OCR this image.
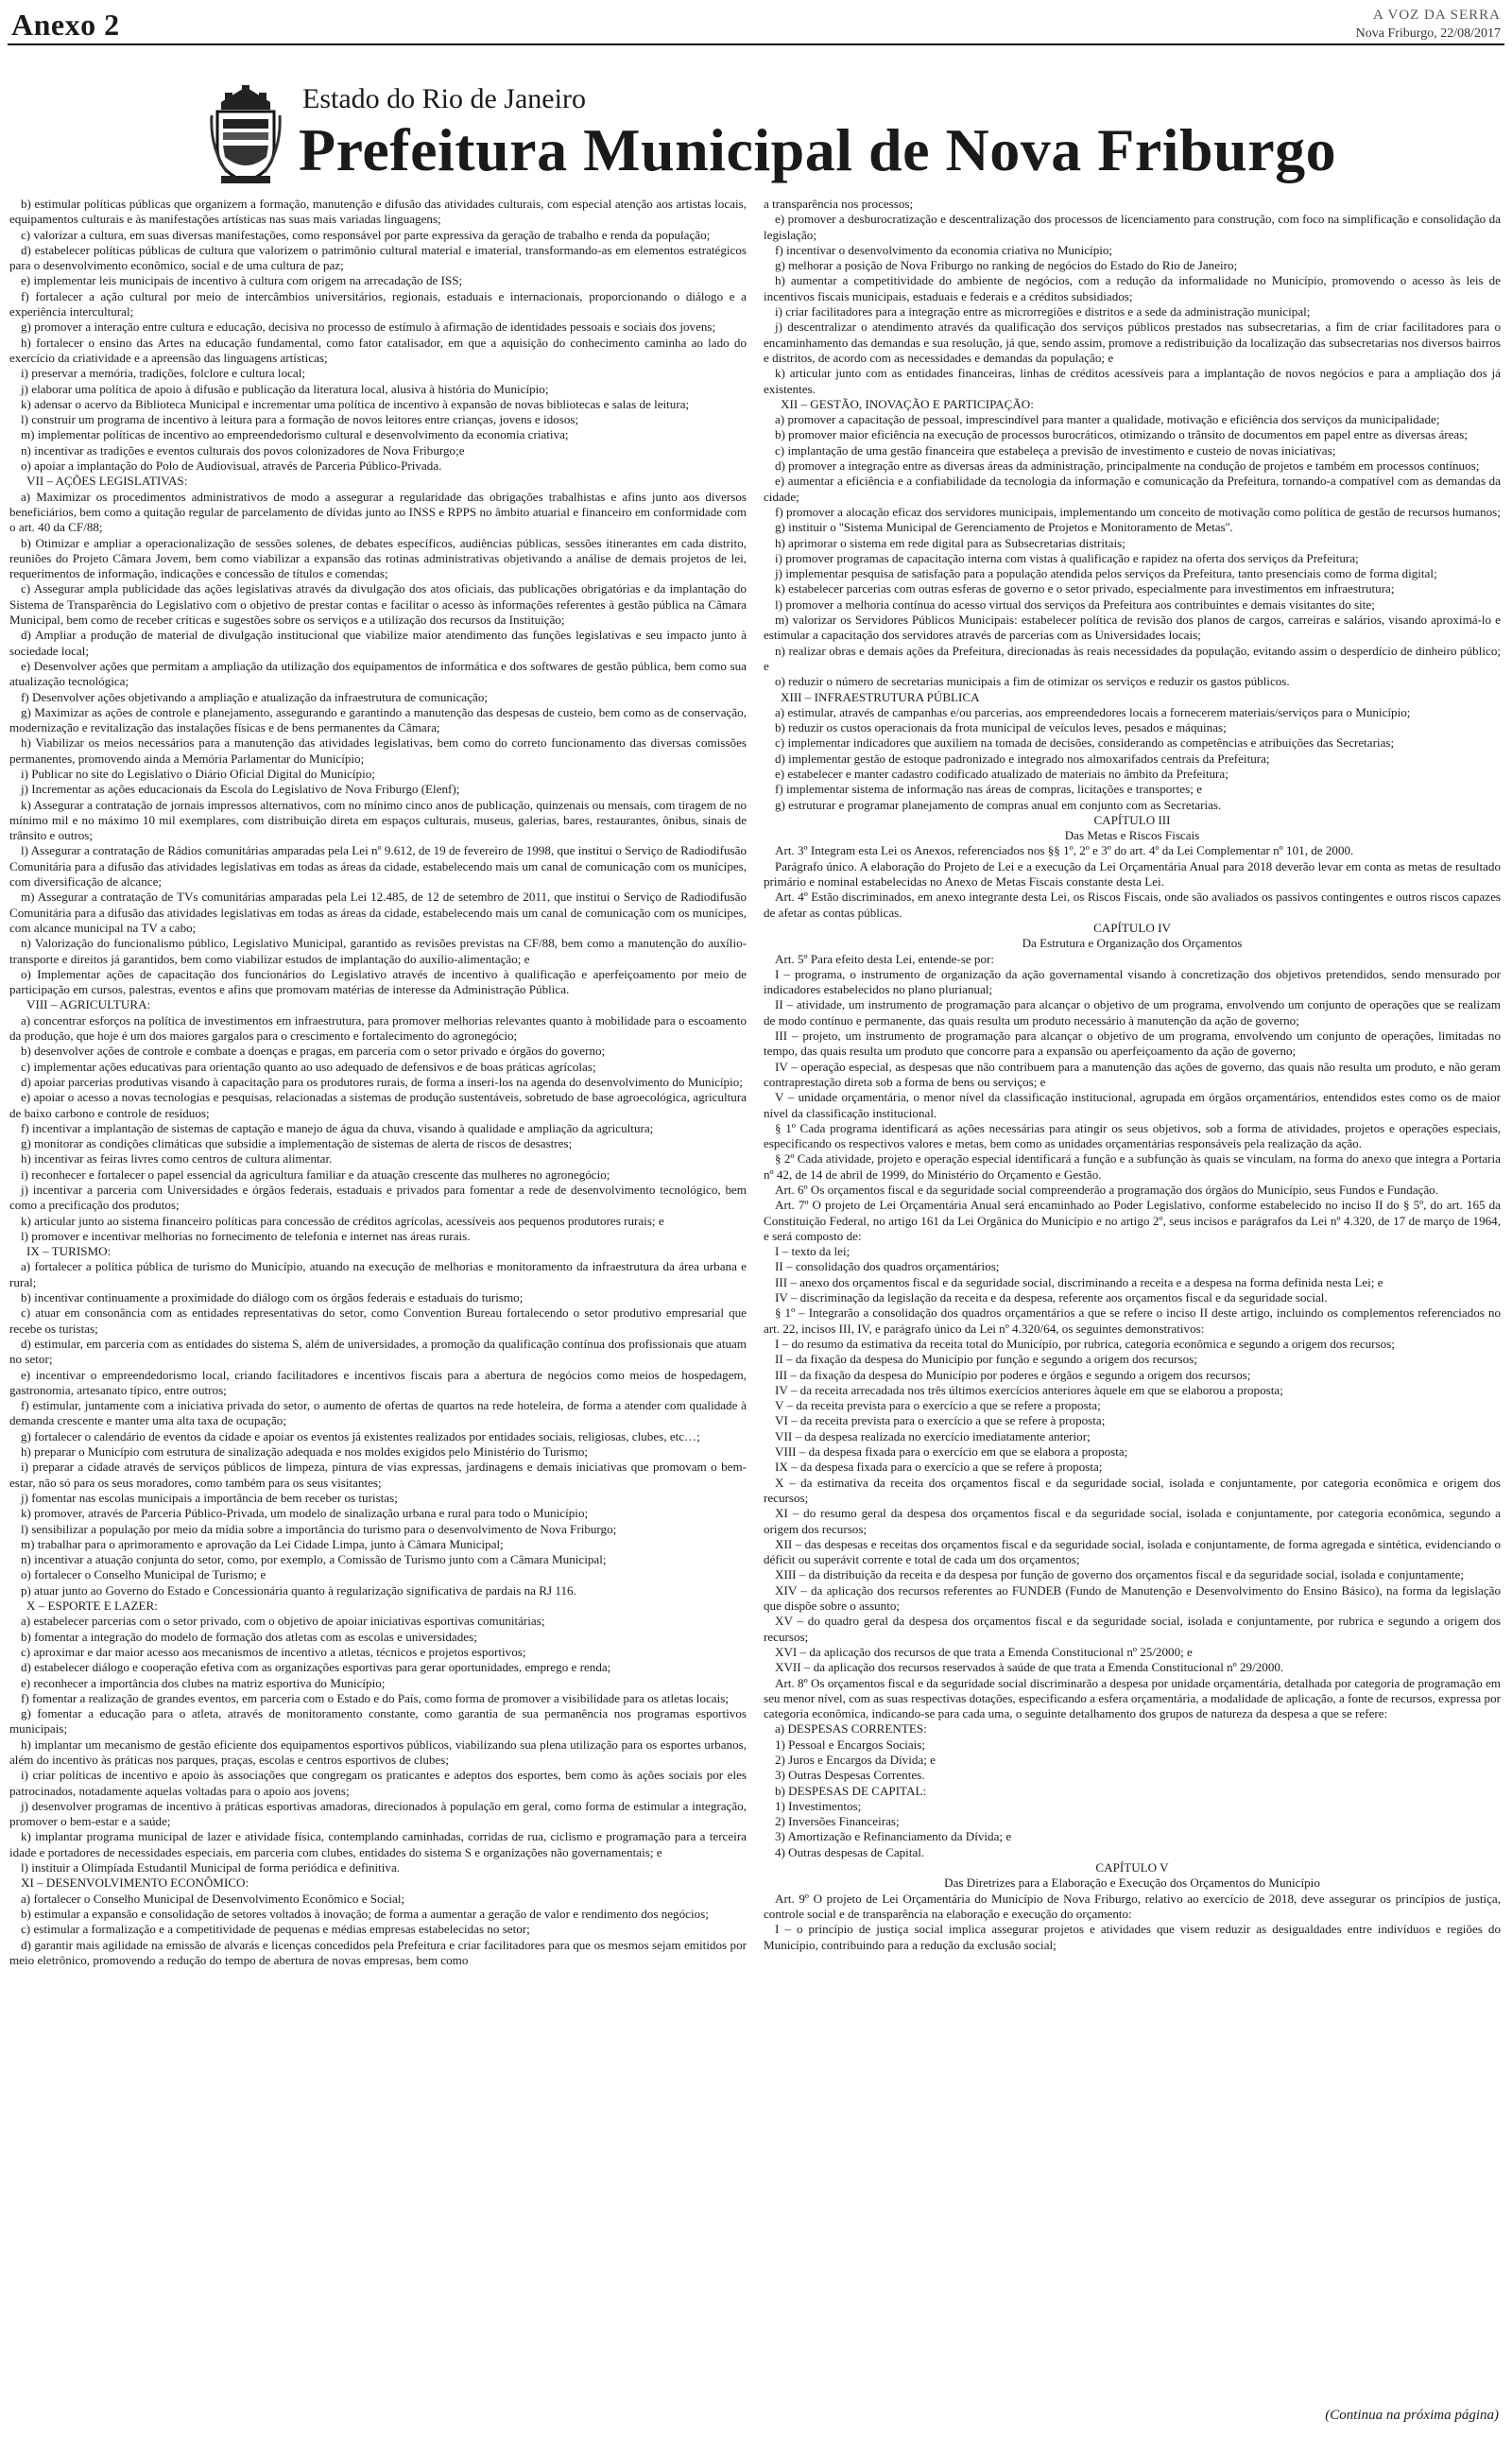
Anexo 2	A VOZ DA SERRA
Nova Friburgo, 22/08/2017
Estado do Rio de Janeiro
Prefeitura Municipal de Nova Friburgo

b) estimular políticas públicas que organizem a formação, manutenção e difusão das atividades culturais, com especial atenção aos artistas locais, equipamentos culturais e às manifestações artísticas nas suas mais variadas linguagens;

c) valorizar a cultura, em suas diversas manifestações, como responsável por parte expressiva da geração de trabalho e renda da população;

d) estabelecer políticas públicas de cultura que valorizem o patrimônio cultural material e imaterial, transformando-as em elementos estratégicos para o desenvolvimento econômico, social e de uma cultura de paz;

e) implementar leis municipais de incentivo à cultura com origem na arrecadação de ISS;

f) fortalecer a ação cultural por meio de intercâmbios universitários, regionais, estaduais e internacionais, proporcionando o diálogo e a experiência intercultural;

g) promover a interação entre cultura e educação, decisiva no processo de estímulo à afirmação de identidades pessoais e sociais dos jovens;

h) fortalecer o ensino das Artes na educação fundamental, como fator catalisador, em que a aquisição do conhecimento caminha ao lado do exercício da criatividade e a apreensão das linguagens artísticas;

i) preservar a memória, tradições, folclore e cultura local;

j) elaborar uma política de apoio à difusão e publicação da literatura local, alusiva à história do Município;

k) adensar o acervo da Biblioteca Municipal e incrementar uma política de incentivo à expansão de novas bibliotecas e salas de leitura;

l) construir um programa de incentivo à leitura para a formação de novos leitores entre crianças, jovens e idosos;

m) implementar políticas de incentivo ao empreendedorismo cultural e desenvolvimento da economia criativa;

n) incentivar as tradições e eventos culturais dos povos colonizadores de Nova Friburgo;e

o) apoiar a implantação do Polo de Audiovisual, através de Parceria Público-Privada.

VII – AÇÕES LEGISLATIVAS:

a) Maximizar os procedimentos administrativos de modo a assegurar a regularidade das obrigações trabalhistas e afins junto aos diversos beneficiários, bem como a quitação regular de parcelamento de dívidas junto ao INSS e RPPS no âmbito atuarial e financeiro em conformidade com o art. 40 da CF/88;

b) Otimizar e ampliar a operacionalização de sessões solenes, de debates específicos, audiências públicas, sessões itinerantes em cada distrito, reuniões do Projeto Câmara Jovem, bem como viabilizar a expansão das rotinas administrativas objetivando a análise de demais projetos de lei, requerimentos de informação, indicações e concessão de títulos e comendas;

c) Assegurar ampla publicidade das ações legislativas através da divulgação dos atos oficiais, das publicações obrigatórias e da implantação do Sistema de Transparência do Legislativo com o objetivo de prestar contas e facilitar o acesso às informações referentes à gestão pública na Câmara Municipal, bem como de receber críticas e sugestões sobre os serviços e a utilização dos recursos da Instituição;

d) Ampliar a produção de material de divulgação institucional que viabilize maior atendimento das funções legislativas e seu impacto junto à sociedade local;

e) Desenvolver ações que permitam a ampliação da utilização dos equipamentos de informática e dos softwares de gestão pública, bem como sua atualização tecnológica;

f) Desenvolver ações objetivando a ampliação e atualização da infraestrutura de comunicação;

g) Maximizar as ações de controle e planejamento, assegurando e garantindo a manutenção das despesas de custeio, bem como as de conservação, modernização e revitalização das instalações físicas e de bens permanentes da Câmara;

h) Viabilizar os meios necessários para a manutenção das atividades legislativas, bem como do correto funcionamento das diversas comissões permanentes, promovendo ainda a Memória Parlamentar do Município;

i) Publicar no site do Legislativo o Diário Oficial Digital do Município;

j) Incrementar as ações educacionais da Escola do Legislativo de Nova Friburgo (Elenf);

k) Assegurar a contratação de jornais impressos alternativos, com no mínimo cinco anos de publicação, quinzenais ou mensais, com tiragem de no mínimo mil e no máximo 10 mil exemplares, com distribuição direta em espaços culturais, museus, galerias, bares, restaurantes, ônibus, sinais de trânsito e outros;

l) Assegurar a contratação de Rádios comunitárias amparadas pela Lei nº 9.612, de 19 de fevereiro de 1998, que institui o Serviço de Radiodifusão Comunitária para a difusão das atividades legislativas em todas as áreas da cidade, estabelecendo mais um canal de comunicação com os munícipes, com diversificação de alcance;

m) Assegurar a contratação de TVs comunitárias amparadas pela Lei 12.485, de 12 de setembro de 2011, que institui o Serviço de Radiodifusão Comunitária para a difusão das atividades legislativas em todas as áreas da cidade, estabelecendo mais um canal de comunicação com os munícipes, com alcance municipal na TV a cabo;

n) Valorização do funcionalismo público, Legislativo Municipal, garantido as revisões previstas na CF/88, bem como a manutenção do auxílio-transporte e direitos já garantidos, bem como viabilizar estudos de implantação do auxílio-alimentação; e

o) Implementar ações de capacitação dos funcionários do Legislativo através de incentivo à qualificação e aperfeiçoamento por meio de participação em cursos, palestras, eventos e afins que promovam matérias de interesse da Administração Pública.

VIII – AGRICULTURA:

a) concentrar esforços na política de investimentos em infraestrutura, para promover melhorias relevantes quanto à mobilidade para o escoamento da produção, que hoje é um dos maiores gargalos para o crescimento e fortalecimento do agronegócio;

b) desenvolver ações de controle e combate a doenças e pragas, em parceria com o setor privado e órgãos do governo;

c) implementar ações educativas para orientação quanto ao uso adequado de defensivos e de boas práticas agrícolas;

d) apoiar parcerias produtivas visando à capacitação para os produtores rurais, de forma a inseri-los na agenda do desenvolvimento do Município;

e) apoiar o acesso a novas tecnologias e pesquisas, relacionadas a sistemas de produção sustentáveis, sobretudo de base agroecológica, agricultura de baixo carbono e controle de resíduos;

f) incentivar a implantação de sistemas de captação e manejo de água da chuva, visando à qualidade e ampliação da agricultura;

g) monitorar as condições climáticas que subsidie a implementação de sistemas de alerta de riscos de desastres;

h) incentivar as feiras livres como centros de cultura alimentar.

i) reconhecer e fortalecer o papel essencial da agricultura familiar e da atuação crescente das mulheres no agronegócio;

j) incentivar a parceria com Universidades e órgãos federais, estaduais e privados para fomentar a rede de desenvolvimento tecnológico, bem como a precificação dos produtos;

k) articular junto ao sistema financeiro políticas para concessão de créditos agrícolas, acessíveis aos pequenos produtores rurais; e

l) promover e incentivar melhorias no fornecimento de telefonia e internet nas áreas rurais.

IX – TURISMO:

a) fortalecer a política pública de turismo do Município, atuando na execução de melhorias e monitoramento da infraestrutura da área urbana e rural;

b) incentivar continuamente a proximidade do diálogo com os órgãos federais e estaduais do turismo;

c) atuar em consonância com as entidades representativas do setor, como Convention Bureau fortalecendo o setor produtivo empresarial que recebe os turistas;

d) estimular, em parceria com as entidades do sistema S, além de universidades, a promoção da qualificação contínua dos profissionais que atuam no setor;

e) incentivar o empreendedorismo local, criando facilitadores e incentivos fiscais para a abertura de negócios como meios de hospedagem, gastronomia, artesanato típico, entre outros;

f) estimular, juntamente com a iniciativa privada do setor, o aumento de ofertas de quartos na rede hoteleira, de forma a atender com qualidade à demanda crescente e manter uma alta taxa de ocupação;

g) fortalecer o calendário de eventos da cidade e apoiar os eventos já existentes realizados por entidades sociais, religiosas, clubes, etc…;

h) preparar o Município com estrutura de sinalização adequada e nos moldes exigidos pelo Ministério do Turismo;

i) preparar a cidade através de serviços públicos de limpeza, pintura de vias expressas, jardinagens e demais iniciativas que promovam o bem-estar, não só para os seus moradores, como também para os seus visitantes;

j) fomentar nas escolas municipais a importância de bem receber os turistas;

k) promover, através de Parceria Público-Privada, um modelo de sinalização urbana e rural para todo o Município;

l) sensibilizar a população por meio da mídia sobre a importância do turismo para o desenvolvimento de Nova Friburgo;

m) trabalhar para o aprimoramento e aprovação da Lei Cidade Limpa, junto à Câmara Municipal;

n) incentivar a atuação conjunta do setor, como, por exemplo, a Comissão de Turismo junto com a Câmara Municipal;

o) fortalecer o Conselho Municipal de Turismo; e

p) atuar junto ao Governo do Estado e Concessionária quanto à regularização significativa de pardais na RJ 116.

X – ESPORTE E LAZER:

a) estabelecer parcerias com o setor privado, com o objetivo de apoiar iniciativas esportivas comunitárias;

b) fomentar a integração do modelo de formação dos atletas com as escolas e universidades;

c) aproximar e dar maior acesso aos mecanismos de incentivo a atletas, técnicos e projetos esportivos;

d) estabelecer diálogo e cooperação efetiva com as organizações esportivas para gerar oportunidades, emprego e renda;

e) reconhecer a importância dos clubes na matriz esportiva do Município;

f) fomentar a realização de grandes eventos, em parceria com o Estado e do País, como forma de promover a visibilidade para os atletas locais;

g) fomentar a educação para o atleta, através de monitoramento constante, como garantia de sua permanência nos programas esportivos municipais;

h) implantar um mecanismo de gestão eficiente dos equipamentos esportivos públicos, viabilizando sua plena utilização para os esportes urbanos, além do incentivo às práticas nos parques, praças, escolas e centros esportivos de clubes;

i) criar políticas de incentivo e apoio às associações que congregam os praticantes e adeptos dos esportes, bem como às ações sociais por eles patrocinados, notadamente aquelas voltadas para o apoio aos jovens;

j) desenvolver programas de incentivo à práticas esportivas amadoras, direcionados à população em geral, como forma de estimular a integração, promover o bem-estar e a saúde;

k) implantar programa municipal de lazer e atividade física, contemplando caminhadas, corridas de rua, ciclismo e programação para a terceira idade e portadores de necessidades especiais, em parceria com clubes, entidades do sistema S e organizações não governamentais; e

l) instituir a Olimpíada Estudantil Municipal de forma periódica e definitiva.

XI – DESENVOLVIMENTO ECONÔMICO:

a) fortalecer o Conselho Municipal de Desenvolvimento Econômico e Social;

b) estimular a expansão e consolidação de setores voltados à inovação; de forma a aumentar a geração de valor e rendimento dos negócios;

c) estimular a formalização e a competitividade de pequenas e médias empresas estabelecidas no setor;

d) garantir mais agilidade na emissão de alvarás e licenças concedidos pela Prefeitura e criar facilitadores para que os mesmos sejam emitidos por meio eletrônico, promovendo a redução do tempo de abertura de novas empresas, bem como

a transparência nos processos;

e) promover a desburocratização e descentralização dos processos de licenciamento para construção, com foco na simplificação e consolidação da legislação;

f) incentivar o desenvolvimento da economia criativa no Município;

g) melhorar a posição de Nova Friburgo no ranking de negócios do Estado do Rio de Janeiro;

h) aumentar a competitividade do ambiente de negócios, com a redução da informalidade no Município, promovendo o acesso às leis de incentivos fiscais municipais, estaduais e federais e a créditos subsidiados;

i) criar facilitadores para a integração entre as microrregiões e distritos e a sede da administração municipal;

j) descentralizar o atendimento através da qualificação dos serviços públicos prestados nas subsecretarias, a fim de criar facilitadores para o encaminhamento das demandas e sua resolução, já que, sendo assim, promove a redistribuição da localização das subsecretarias nos diversos bairros e distritos, de acordo com as necessidades e demandas da população; e

k) articular junto com as entidades financeiras, linhas de créditos acessíveis para a implantação de novos negócios e para a ampliação dos já existentes.

XII – GESTÃO, INOVAÇÃO E PARTICIPAÇÃO:

a) promover a capacitação de pessoal, imprescindível para manter a qualidade, motivação e eficiência dos serviços da municipalidade;

b) promover maior eficiência na execução de processos burocráticos, otimizando o trânsito de documentos em papel entre as diversas áreas;

c) implantação de uma gestão financeira que estabeleça a previsão de investimento e custeio de novas iniciativas;

d) promover a integração entre as diversas áreas da administração, principalmente na condução de projetos e também em processos contínuos;

e) aumentar a eficiência e a confiabilidade da tecnologia da informação e comunicação da Prefeitura, tornando-a compatível com as demandas da cidade;

f) promover a alocação eficaz dos servidores municipais, implementando um conceito de motivação como política de gestão de recursos humanos;

g) instituir o ''Sistema Municipal de Gerenciamento de Projetos e Monitoramento de Metas''.

h) aprimorar o sistema em rede digital para as Subsecretarias distritais;

i) promover programas de capacitação interna com vistas à qualificação e rapidez na oferta dos serviços da Prefeitura;

j) implementar pesquisa de satisfação para a população atendida pelos serviços da Prefeitura, tanto presenciais como de forma digital;

k) estabelecer parcerias com outras esferas de governo e o setor privado, especialmente para investimentos em infraestrutura;

l) promover a melhoria contínua do acesso virtual dos serviços da Prefeitura aos contribuintes e demais visitantes do site;

m) valorizar os Servidores Públicos Municipais: estabelecer política de revisão dos planos de cargos, carreiras e salários, visando aproximá-lo e estimular a capacitação dos servidores através de parcerias com as Universidades locais;

n) realizar obras e demais ações da Prefeitura, direcionadas às reais necessidades da população, evitando assim o desperdício de dinheiro público; e

o) reduzir o número de secretarias municipais a fim de otimizar os serviços e reduzir os gastos públicos.

XIII – INFRAESTRUTURA PÚBLICA

a) estimular, através de campanhas e/ou parcerias, aos empreendedores locais a fornecerem materiais/serviços para o Município;

b) reduzir os custos operacionais da frota municipal de veículos leves, pesados e máquinas;

c) implementar indicadores que auxiliem na tomada de decisões, considerando as competências e atribuições das Secretarias;

d) implementar gestão de estoque padronizado e integrado nos almoxarifados centrais da Prefeitura;

e) estabelecer e manter cadastro codificado atualizado de materiais no âmbito da Prefeitura;

f) implementar sistema de informação nas áreas de compras, licitações e transportes; e

g) estruturar e programar planejamento de compras anual em conjunto com as Secretarias.

CAPÍTULO III

Das Metas e Riscos Fiscais

Art. 3º Integram esta Lei os Anexos, referenciados nos §§ 1º, 2º e 3º do art. 4º da Lei Complementar nº 101, de 2000.

Parágrafo único. A elaboração do Projeto de Lei e a execução da Lei Orçamentária Anual para 2018 deverão levar em conta as metas de resultado primário e nominal estabelecidas no Anexo de Metas Fiscais constante desta Lei.

Art. 4º Estão discriminados, em anexo integrante desta Lei, os Riscos Fiscais, onde são avaliados os passivos contingentes e outros riscos capazes de afetar as contas públicas.

CAPÍTULO IV

Da Estrutura e Organização dos Orçamentos

Art. 5º Para efeito desta Lei, entende-se por:

I – programa, o instrumento de organização da ação governamental visando à concretização dos objetivos pretendidos, sendo mensurado por indicadores estabelecidos no plano plurianual;

II – atividade, um instrumento de programação para alcançar o objetivo de um programa, envolvendo um conjunto de operações que se realizam de modo contínuo e permanente, das quais resulta um produto necessário à manutenção da ação de governo;

III – projeto, um instrumento de programação para alcançar o objetivo de um programa, envolvendo um conjunto de operações, limitadas no tempo, das quais resulta um produto que concorre para a expansão ou aperfeiçoamento da ação de governo;

IV – operação especial, as despesas que não contribuem para a manutenção das ações de governo, das quais não resulta um produto, e não geram contraprestação direta sob a forma de bens ou serviços; e

V – unidade orçamentária, o menor nível da classificação institucional, agrupada em órgãos orçamentários, entendidos estes como os de maior nível da classificação institucional.

§ 1º Cada programa identificará as ações necessárias para atingir os seus objetivos, sob a forma de atividades, projetos e operações especiais, especificando os respectivos valores e metas, bem como as unidades orçamentárias responsáveis pela realização da ação.

§ 2º Cada atividade, projeto e operação especial identificará a função e a subfunção às quais se vinculam, na forma do anexo que integra a Portaria nº 42, de 14 de abril de 1999, do Ministério do Orçamento e Gestão.

Art. 6º Os orçamentos fiscal e da seguridade social compreenderão a programação dos órgãos do Município, seus Fundos e Fundação.

Art. 7º O projeto de Lei Orçamentária Anual será encaminhado ao Poder Legislativo, conforme estabelecido no inciso II do § 5º, do art. 165 da Constituição Federal, no artigo 161 da Lei Orgânica do Município e no artigo 2º, seus incisos e parágrafos da Lei nº 4.320, de 17 de março de 1964, e será composto de:

I – texto da lei;

II – consolidação dos quadros orçamentários;

III – anexo dos orçamentos fiscal e da seguridade social, discriminando a receita e a despesa na forma definida nesta Lei; e

IV – discriminação da legislação da receita e da despesa, referente aos orçamentos fiscal e da seguridade social.

§ 1º – Integrarão a consolidação dos quadros orçamentários a que se refere o inciso II deste artigo, incluindo os complementos referenciados no art. 22, incisos III, IV, e parágrafo único da Lei nº 4.320/64, os seguintes demonstrativos:

I – do resumo da estimativa da receita total do Município, por rubrica, categoria econômica e segundo a origem dos recursos;

II – da fixação da despesa do Município por função e segundo a origem dos recursos;

III – da fixação da despesa do Município por poderes e órgãos e segundo a origem dos recursos;

IV – da receita arrecadada nos três últimos exercícios anteriores àquele em que se elaborou a proposta;

V – da receita prevista para o exercício a que se refere a proposta;

VI – da receita prevista para o exercício a que se refere à proposta;

VII – da despesa realizada no exercício imediatamente anterior;

VIII – da despesa fixada para o exercício em que se elabora a proposta;

IX – da despesa fixada para o exercício a que se refere à proposta;

X – da estimativa da receita dos orçamentos fiscal e da seguridade social, isolada e conjuntamente, por categoria econômica e origem dos recursos;

XI – do resumo geral da despesa dos orçamentos fiscal e da seguridade social, isolada e conjuntamente, por categoria econômica, segundo a origem dos recursos;

XII – das despesas e receitas dos orçamentos fiscal e da seguridade social, isolada e conjuntamente, de forma agregada e sintética, evidenciando o déficit ou superávit corrente e total de cada um dos orçamentos;

XIII – da distribuição da receita e da despesa por função de governo dos orçamentos fiscal e da seguridade social, isolada e conjuntamente;

XIV – da aplicação dos recursos referentes ao FUNDEB (Fundo de Manutenção e Desenvolvimento do Ensino Básico), na forma da legislação que dispõe sobre o assunto;

XV – do quadro geral da despesa dos orçamentos fiscal e da seguridade social, isolada e conjuntamente, por rubrica e segundo a origem dos recursos;

XVI – da aplicação dos recursos de que trata a Emenda Constitucional nº 25/2000; e

XVII – da aplicação dos recursos reservados à saúde de que trata a Emenda Constitucional nº 29/2000.

Art. 8º Os orçamentos fiscal e da seguridade social discriminarão a despesa por unidade orçamentária, detalhada por categoria de programação em seu menor nível, com as suas respectivas dotações, especificando a esfera orçamentária, a modalidade de aplicação, a fonte de recursos, expressa por categoria econômica, indicando-se para cada uma, o seguinte detalhamento dos grupos de natureza da despesa a que se refere:

a) DESPESAS CORRENTES:

1) Pessoal e Encargos Sociais;

2) Juros e Encargos da Dívida; e

3) Outras Despesas Correntes.

b) DESPESAS DE CAPITAL:

1) Investimentos;

2) Inversões Financeiras;

3) Amortização e Refinanciamento da Dívida; e

4) Outras despesas de Capital.

CAPÍTULO V

Das Diretrizes para a Elaboração e Execução dos Orçamentos do Município

Art. 9º O projeto de Lei Orçamentária do Município de Nova Friburgo, relativo ao exercício de 2018, deve assegurar os princípios de justiça, controle social e de transparência na elaboração e execução do orçamento:

I – o princípio de justiça social implica assegurar projetos e atividades que visem reduzir as desigualdades entre indivíduos e regiões do Município, contribuindo para a redução da exclusão social;

(Continua na próxima página)
